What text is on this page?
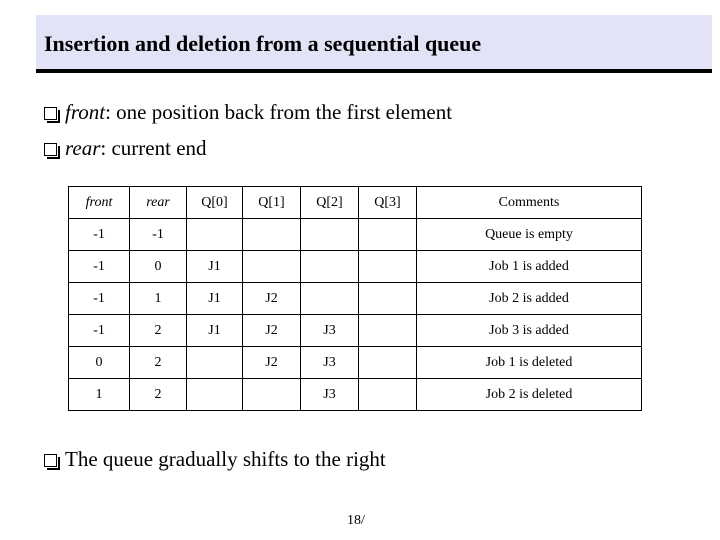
Insertion and deletion from a sequential queue
front : one position back from the first element
rear : current end
front	rear	Q[0]	Q[1]	Q[2]	Q[3]	Comments
-1	-1					Queue is empty
-1	0	J1				Job 1 is added
-1	1	J1	J2			Job 2 is added
-1	2	J1	J2	J3		Job 3 is added
0	2		J2	J3		Job 1 is deleted
1	2			J3		Job 2 is deleted
The queue gradually shifts to the right
18/
